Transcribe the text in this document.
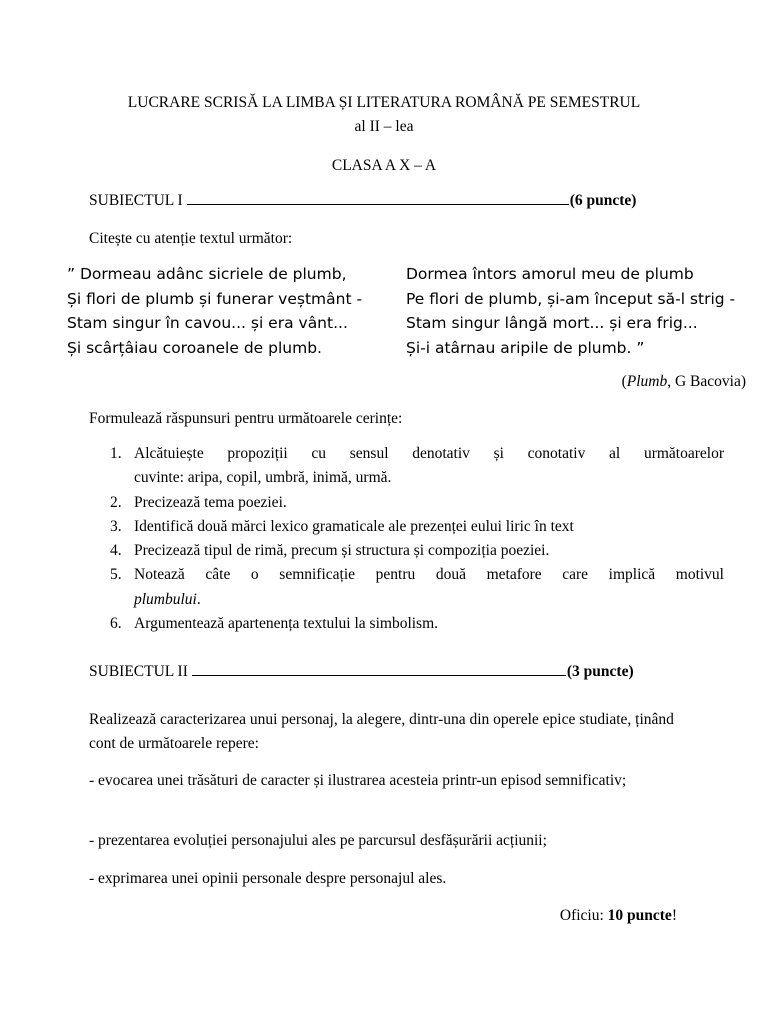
LUCRARE SCRISĂ LA LIMBA ȘI LITERATURA ROMÂNĂ PE SEMESTRUL
al II – lea
CLASA A X – A
SUBIECTUL I	(6 puncte)
Citește cu atenție textul următor:
” Dormeau adânc sicriele de plumb,
Și flori de plumb și funerar veștmânt -
Stam singur în cavou... și era vânt...
Și scârțâiau coroanele de plumb.
Dormea întors amorul meu de plumb
Pe flori de plumb, și-am început să-l strig -
Stam singur lângă mort... și era frig...
Și-i atârnau aripile de plumb. ”
(Plumb, G Bacovia)
Formulează răspunsuri pentru următoarele cerințe:
1. Alcătuiește propoziții cu sensul denotativ și conotativ al următoarelor
cuvinte: aripa, copil, umbră, inimă, urmă.
2. Precizează tema poeziei.
3. Identifică două mărci lexico gramaticale ale prezenței eului liric în text
4. Precizează tipul de rimă, precum și structura și compoziția poeziei.
5. Notează câte o semnificație pentru două metafore care implică motivul
plumbului.
6. Argumentează apartenența textului la simbolism.
SUBIECTUL II	(3 puncte)
Realizează caracterizarea unui personaj, la alegere, dintr-una din operele epice studiate, ținând cont de următoarele repere:
- evocarea unei trăsături de caracter și ilustrarea acesteia printr-un episod semnificativ;
- prezentarea evoluției personajului ales pe parcursul desfășurării acțiunii;
- exprimarea unei opinii personale despre personajul ales.
Oficiu: 10 puncte!
